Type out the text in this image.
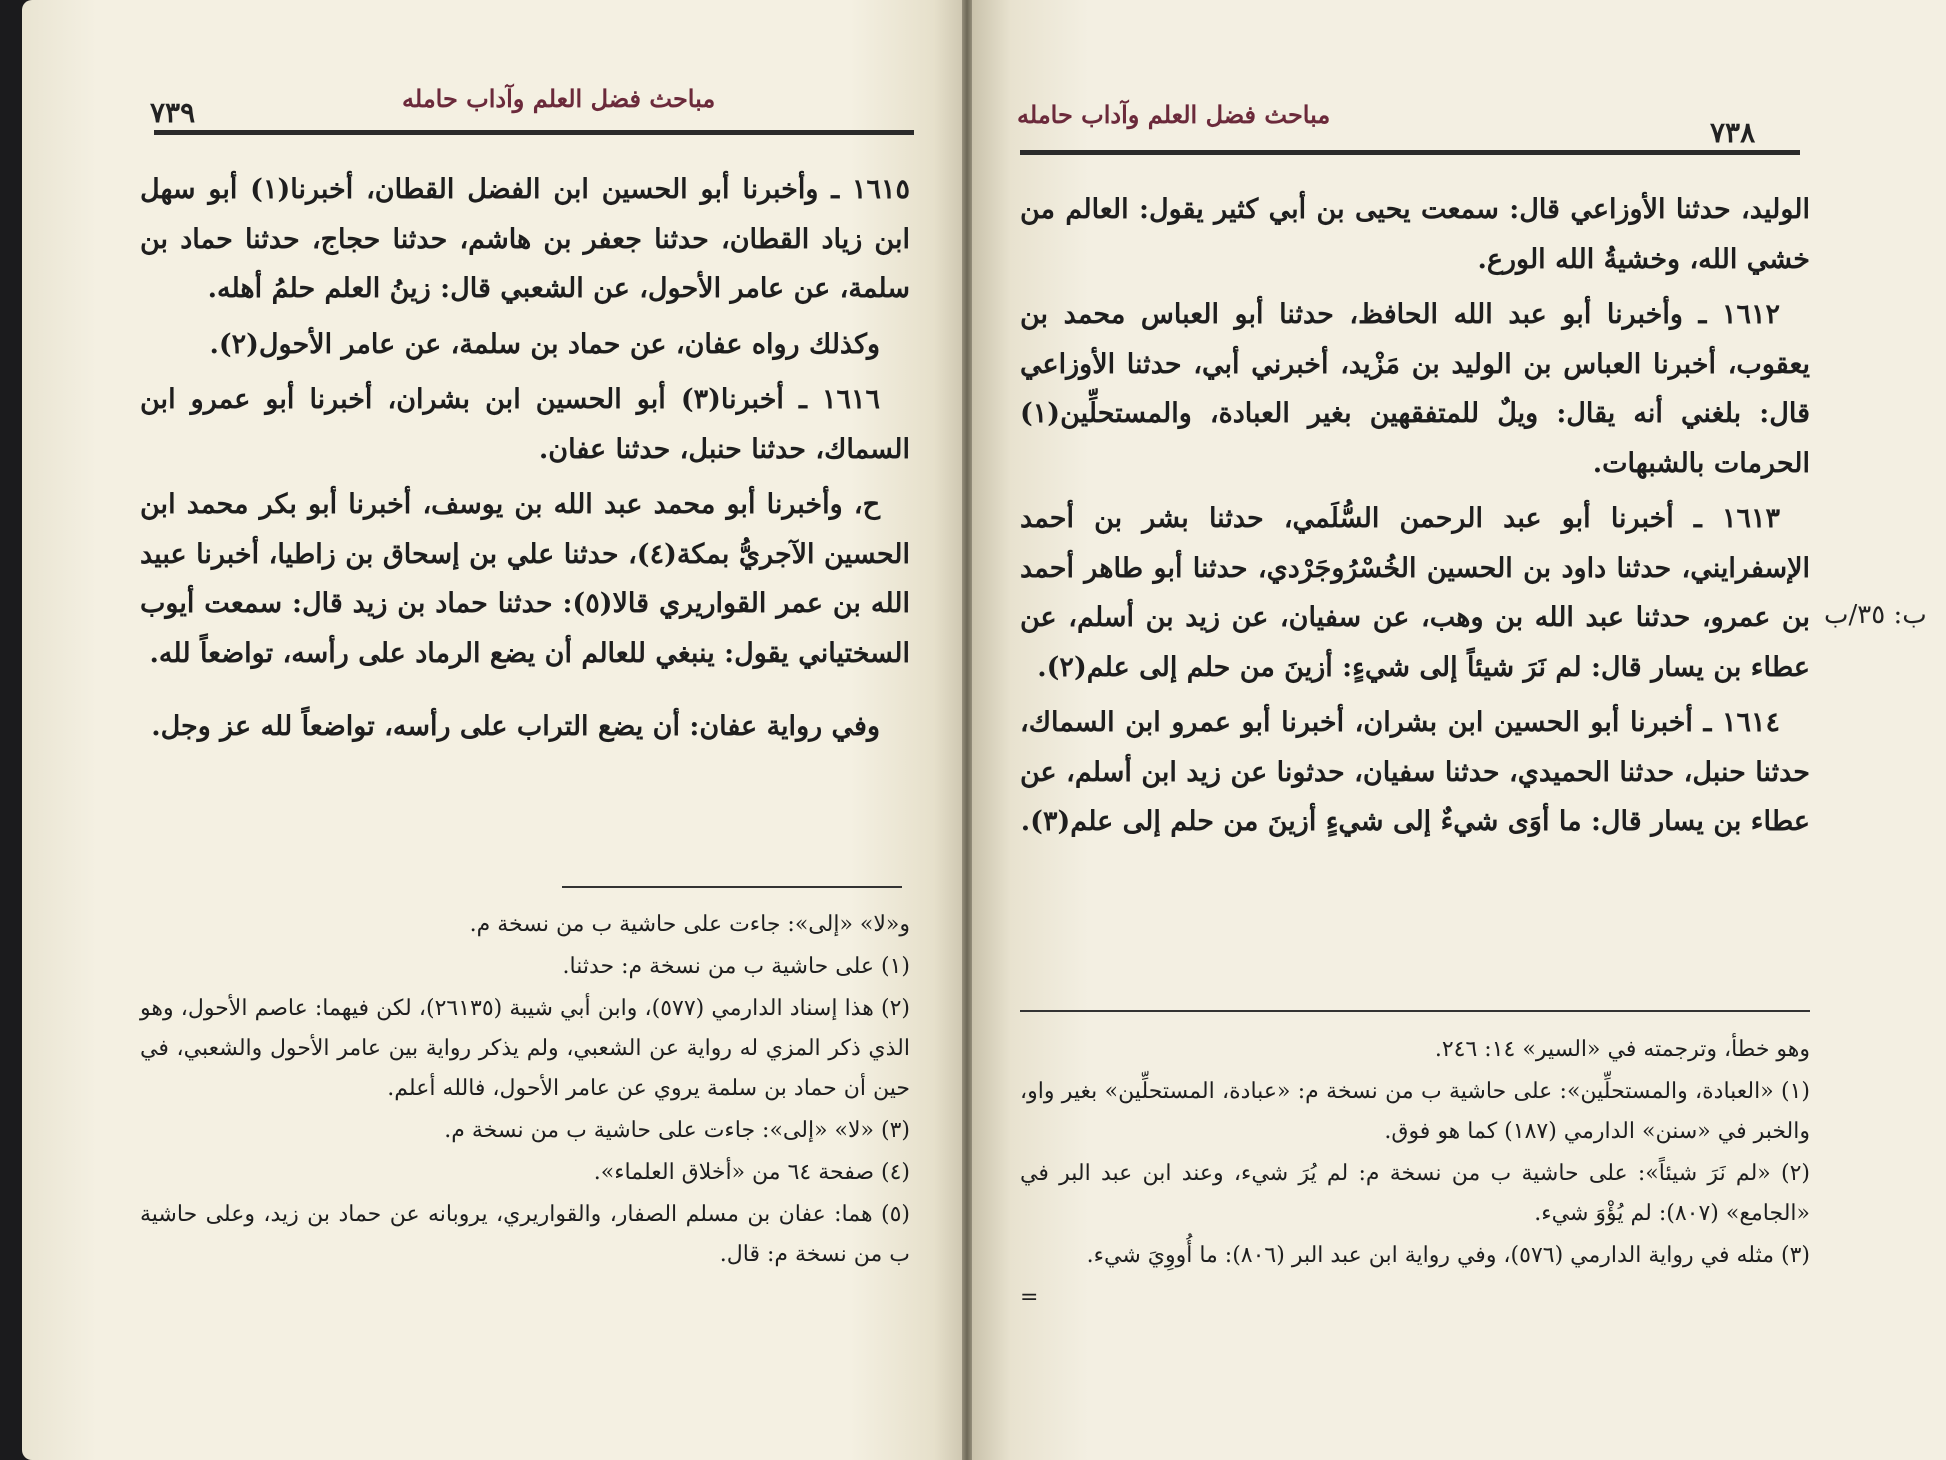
٧٣٩	مباحث فضل العلم وآداب حامله

١٦١٥ ـ وأخبرنا أبو الحسين ابن الفضل القطان، أخبرنا(١) أبو سهل ابن زياد القطان، حدثنا جعفر بن هاشم، حدثنا حجاج، حدثنا حماد بن سلمة، عن عامر الأحول، عن الشعبي قال: زينُ العلم حلمُ أهله.

وكذلك رواه عفان، عن حماد بن سلمة، عن عامر الأحول(٢).

١٦١٦ ـ أخبرنا(٣) أبو الحسين ابن بشران، أخبرنا أبو عمرو ابن السماك، حدثنا حنبل، حدثنا عفان.

ح، وأخبرنا أبو محمد عبد الله بن يوسف، أخبرنا أبو بكر محمد ابن الحسين الآجريُّ بمكة(٤)، حدثنا علي بن إسحاق بن زاطيا، أخبرنا عبيد الله بن عمر القواريري قالا(٥): حدثنا حماد بن زيد قال: سمعت أيوب السختياني يقول: ينبغي للعالم أن يضع الرماد على رأسه، تواضعاً لله.

وفي رواية عفان: أن يضع التراب على رأسه، تواضعاً لله عز وجل.

و«لا» «إلى»: جاءت على حاشية ب من نسخة م.

(١) على حاشية ب من نسخة م: حدثنا.

(٢) هذا إسناد الدارمي (٥٧٧)، وابن أبي شيبة (٢٦١٣٥)، لكن فيهما: عاصم الأحول، وهو الذي ذكر المزي له رواية عن الشعبي، ولم يذكر رواية بين عامر الأحول والشعبي، في حين أن حماد بن سلمة يروي عن عامر الأحول، فالله أعلم.

(٣) «لا» «إلى»: جاءت على حاشية ب من نسخة م.

(٤) صفحة ٦٤ من «أخلاق العلماء».

(٥) هما: عفان بن مسلم الصفار، والقواريري، يروبانه عن حماد بن زيد، وعلى حاشية ب من نسخة م: قال.

مباحث فضل العلم وآداب حامله
٧٣٨

الوليد، حدثنا الأوزاعي قال: سمعت يحيى بن أبي كثير يقول: العالم من خشي الله، وخشيةُ الله الورع.

١٦١٢ ـ وأخبرنا أبو عبد الله الحافظ، حدثنا أبو العباس محمد بن يعقوب، أخبرنا العباس بن الوليد بن مَزْيد، أخبرني أبي، حدثنا الأوزاعي قال: بلغني أنه يقال: ويلٌ للمتفقهين بغير العبادة، والمستحلِّين(١) الحرمات بالشبهات.

١٦١٣ ـ أخبرنا أبو عبد الرحمن السُّلَمي، حدثنا بشر بن أحمد الإسفرايني، حدثنا داود بن الحسين الخُسْرُوجَرْدي، حدثنا أبو طاهر أحمد بن عمرو، حدثنا عبد الله بن وهب، عن سفيان، عن زيد بن أسلم، عن عطاء بن يسار قال: لم نَرَ شيئاً إلى شيءٍ: أزينَ من حلم إلى علم(٢).

١٦١٤ ـ أخبرنا أبو الحسين ابن بشران، أخبرنا أبو عمرو ابن السماك، حدثنا حنبل، حدثنا الحميدي، حدثنا سفيان، حدثونا عن زيد ابن أسلم، عن عطاء بن يسار قال: ما أوَى شيءٌ إلى شيءٍ أزينَ من حلم إلى علم(٣).

ب: ٣٥/ب

وهو خطأ، وترجمته في «السير» ١٤: ٢٤٦.

(١) «العبادة، والمستحلِّين»: على حاشية ب من نسخة م: «عبادة، المستحلِّين» بغير واو، والخبر في «سنن» الدارمي (١٨٧) كما هو فوق.

(٢) «لم نَرَ شيئاً»: على حاشية ب من نسخة م: لم يُرَ شيء، وعند ابن عبد البر في «الجامع» (٨٠٧): لم يُؤْوَ شيء.

(٣) مثله في رواية الدارمي (٥٧٦)، وفي رواية ابن عبد البر (٨٠٦): ما أُووِيَ شيء.

=
